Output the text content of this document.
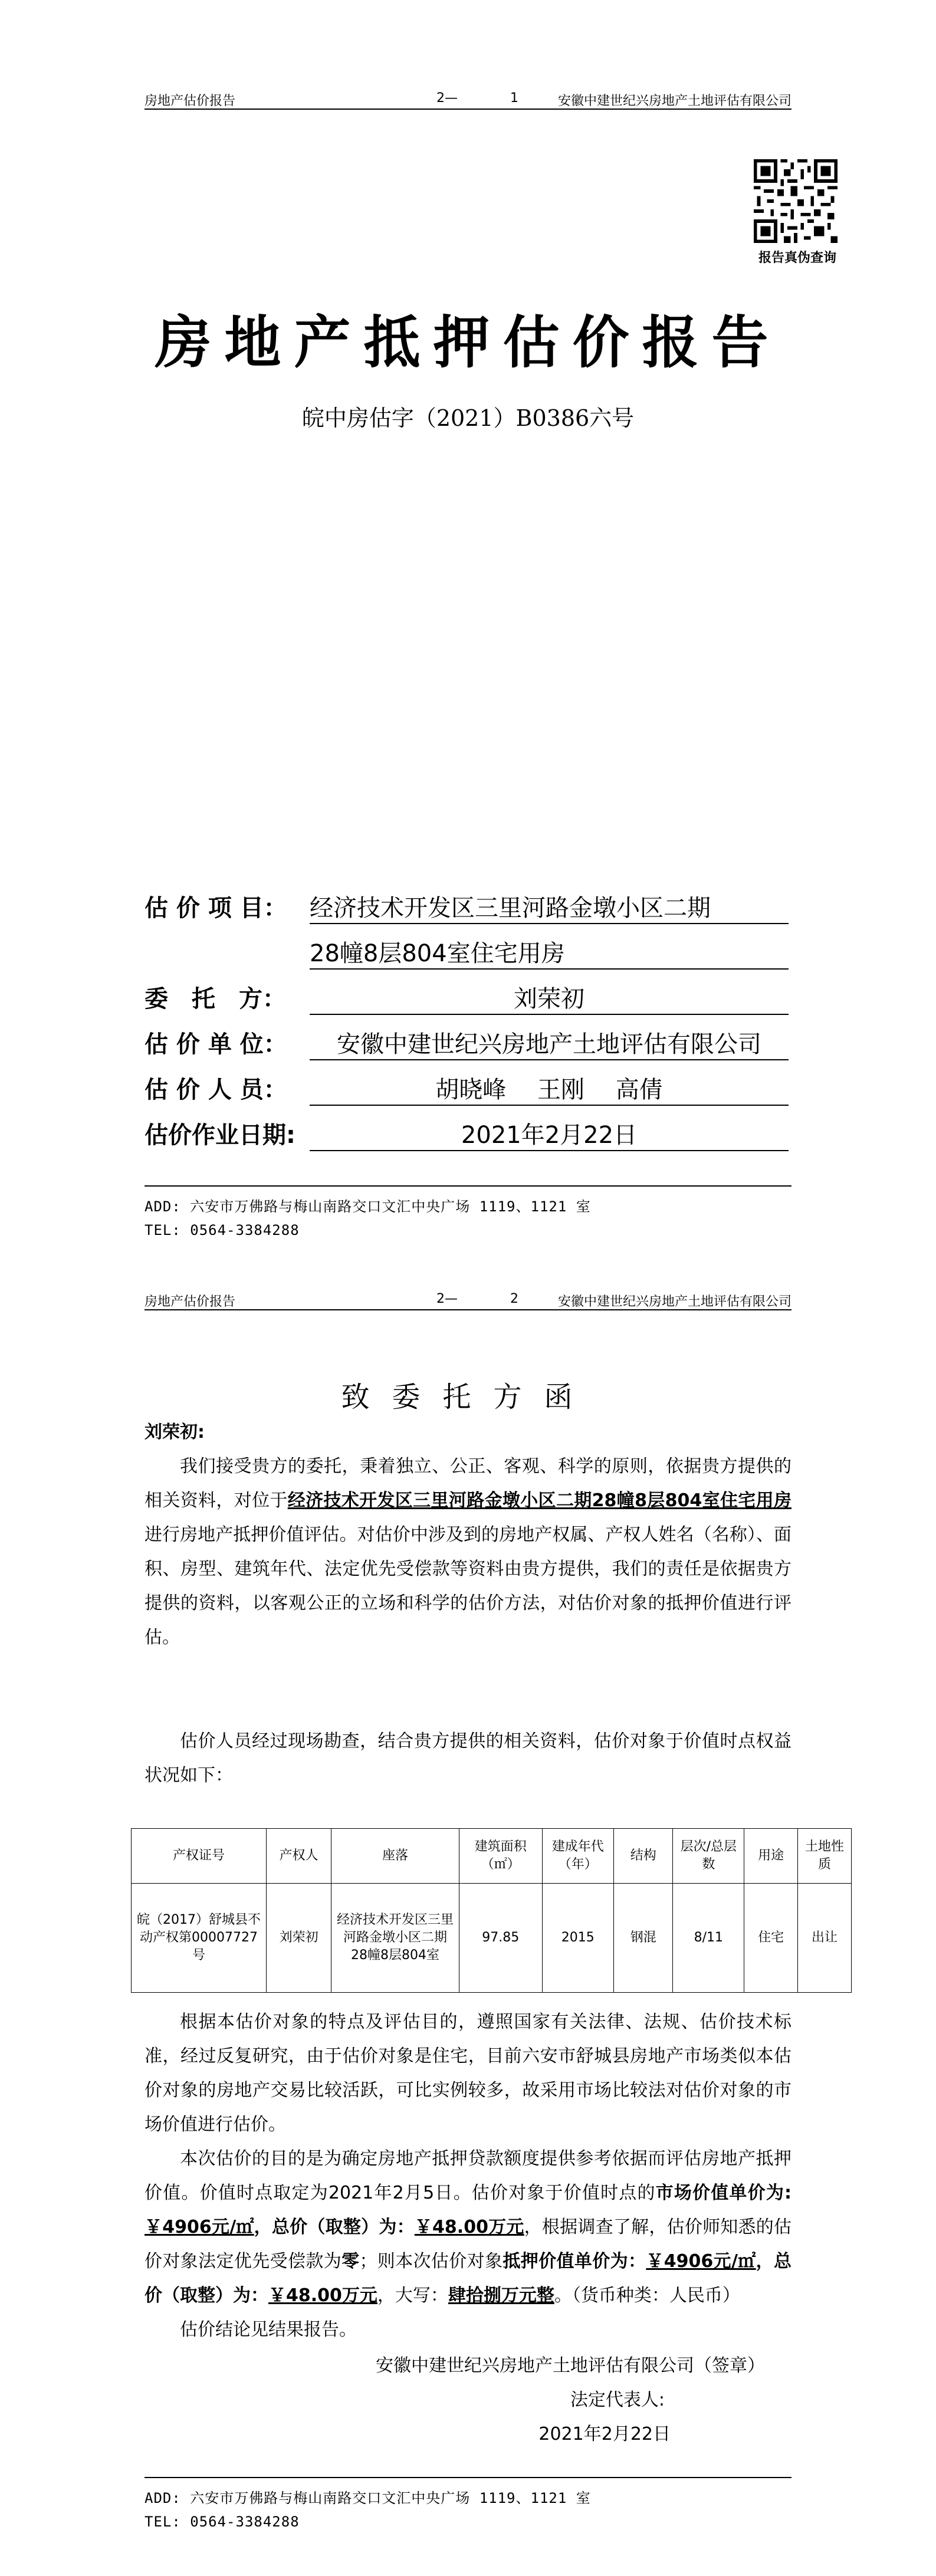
房地产估价报告	2—	1	安徽中建世纪兴房地产土地评估有限公司
报告真伪查询
房地产抵押估价报告
皖中房估字（2021）B0386六号
估 价 项 目： 经济技术开发区三里河路金墩小区二期
28幢8层804室住宅用房
委　托　方：	刘荣初
估 价 单 位：	安徽中建世纪兴房地产土地评估有限公司
估 价 人 员：	胡晓峰　 王刚　 高倩
估价作业日期:	2021年2月22日
ADD: 六安市万佛路与梅山南路交口文汇中央广场 1119、1121 室
TEL: 0564-3384288
房地产估价报告	2—	2	安徽中建世纪兴房地产土地评估有限公司
致委托方函
刘荣初:
我们接受贵方的委托，秉着独立、公正、客观、科学的原则，依据贵方提供的相关资料，对位于经济技术开发区三里河路金墩小区二期28幢8层804室住宅用房进行房地产抵押价值评估。对估价中涉及到的房地产权属、产权人姓名（名称）、面积、房型、建筑年代、法定优先受偿款等资料由贵方提供，我们的责任是依据贵方提供的资料，以客观公正的立场和科学的估价方法，对估价对象的抵押价值进行评估。
估价人员经过现场勘查，结合贵方提供的相关资料，估价对象于价值时点权益状况如下：
产权证号	产权人	座落	建筑面积（㎡）	建成年代（年）	结构	层次/总层数	用途	土地性质
皖（2017）舒城县不动产权第00007727号	刘荣初	经济技术开发区三里河路金墩小区二期28幢8层804室	97.85	2015	钢混	8/11	住宅	出让
根据本估价对象的特点及评估目的，遵照国家有关法律、法规、估价技术标准，经过反复研究，由于估价对象是住宅，目前六安市舒城县房地产市场类似本估价对象的房地产交易比较活跃，可比实例较多，故采用市场比较法对估价对象的市场价值进行估价。
本次估价的目的是为确定房地产抵押贷款额度提供参考依据而评估房地产抵押价值。价值时点取定为2021年2月5日。估价对象于价值时点的市场价值单价为:￥4906元/㎡，总价（取整）为：￥48.00万元，根据调查了解，估价师知悉的估价对象法定优先受偿款为零；则本次估价对象抵押价值单价为：￥4906元/㎡，总价（取整）为：￥48.00万元，大写：肆拾捌万元整。（货币种类：人民币）
估价结论见结果报告。
安徽中建世纪兴房地产土地评估有限公司（签章）
法定代表人:
2021年2月22日
ADD: 六安市万佛路与梅山南路交口文汇中央广场 1119、1121 室
TEL: 0564-3384288
